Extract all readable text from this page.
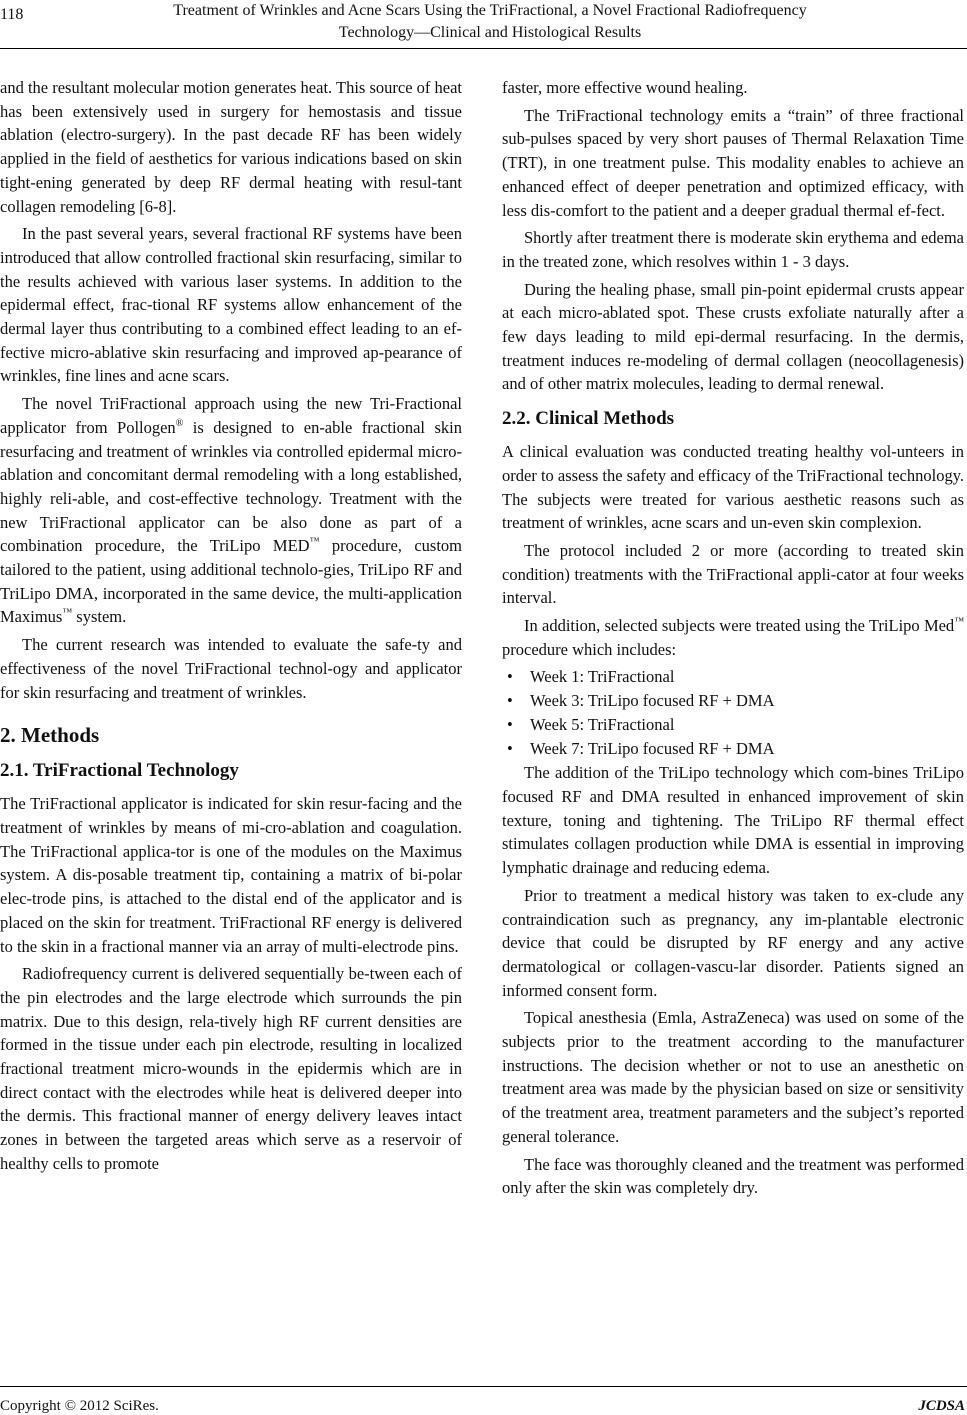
118	Treatment of Wrinkles and Acne Scars Using the TriFractional, a Novel Fractional Radiofrequency
Technology—Clinical and Histological Results

and the resultant molecular motion generates heat. This source of heat has been extensively used in surgery for hemostasis and tissue ablation (electro-surgery). In the past decade RF has been widely applied in the field of aesthetics for various indications based on skin tight-ening generated by deep RF dermal heating with resul-tant collagen remodeling [6-8].

In the past several years, several fractional RF systems have been introduced that allow controlled fractional skin resurfacing, similar to the results achieved with various laser systems. In addition to the epidermal effect, frac-tional RF systems allow enhancement of the dermal layer thus contributing to a combined effect leading to an ef-fective micro-ablative skin resurfacing and improved ap-pearance of wrinkles, fine lines and acne scars.

The novel TriFractional approach using the new Tri-Fractional applicator from Pollogen® is designed to en-able fractional skin resurfacing and treatment of wrinkles via controlled epidermal micro-ablation and concomitant dermal remodeling with a long established, highly reli-able, and cost-effective technology. Treatment with the new TriFractional applicator can be also done as part of a combination procedure, the TriLipo MED™ procedure, custom tailored to the patient, using additional technolo-gies, TriLipo RF and TriLipo DMA, incorporated in the same device, the multi-application Maximus™ system.

The current research was intended to evaluate the safe-ty and effectiveness of the novel TriFractional technol-ogy and applicator for skin resurfacing and treatment of wrinkles.

2. Methods
2.1. TriFractional Technology

The TriFractional applicator is indicated for skin resur-facing and the treatment of wrinkles by means of mi-cro-ablation and coagulation. The TriFractional applica-tor is one of the modules on the Maximus system. A dis-posable treatment tip, containing a matrix of bi-polar elec-trode pins, is attached to the distal end of the applicator and is placed on the skin for treatment. TriFractional RF energy is delivered to the skin in a fractional manner via an array of multi-electrode pins.

Radiofrequency current is delivered sequentially be-tween each of the pin electrodes and the large electrode which surrounds the pin matrix. Due to this design, rela-tively high RF current densities are formed in the tissue under each pin electrode, resulting in localized fractional treatment micro-wounds in the epidermis which are in direct contact with the electrodes while heat is delivered deeper into the dermis. This fractional manner of energy delivery leaves intact zones in between the targeted areas which serve as a reservoir of healthy cells to promote

faster, more effective wound healing.

The TriFractional technology emits a “train” of three fractional sub-pulses spaced by very short pauses of Thermal Relaxation Time (TRT), in one treatment pulse. This modality enables to achieve an enhanced effect of deeper penetration and optimized efficacy, with less dis-comfort to the patient and a deeper gradual thermal ef-fect.

Shortly after treatment there is moderate skin erythema and edema in the treated zone, which resolves within 1 - 3 days.

During the healing phase, small pin-point epidermal crusts appear at each micro-ablated spot. These crusts exfoliate naturally after a few days leading to mild epi-dermal resurfacing. In the dermis, treatment induces re-modeling of dermal collagen (neocollagenesis) and of other matrix molecules, leading to dermal renewal.

2.2. Clinical Methods

A clinical evaluation was conducted treating healthy vol-unteers in order to assess the safety and efficacy of the TriFractional technology. The subjects were treated for various aesthetic reasons such as treatment of wrinkles, acne scars and un-even skin complexion.

The protocol included 2 or more (according to treated skin condition) treatments with the TriFractional appli-cator at four weeks interval.

In addition, selected subjects were treated using the TriLipo Med™ procedure which includes:

• Week 1: TriFractional
• Week 3: TriLipo focused RF + DMA
• Week 5: TriFractional
• Week 7: TriLipo focused RF + DMA

The addition of the TriLipo technology which com-bines TriLipo focused RF and DMA resulted in enhanced improvement of skin texture, toning and tightening. The TriLipo RF thermal effect stimulates collagen production while DMA is essential in improving lymphatic drainage and reducing edema.

Prior to treatment a medical history was taken to ex-clude any contraindication such as pregnancy, any im-plantable electronic device that could be disrupted by RF energy and any active dermatological or collagen-vascu-lar disorder. Patients signed an informed consent form.

Topical anesthesia (Emla, AstraZeneca) was used on some of the subjects prior to the treatment according to the manufacturer instructions. The decision whether or not to use an anesthetic on treatment area was made by the physician based on size or sensitivity of the treatment area, treatment parameters and the subject’s reported general tolerance.

The face was thoroughly cleaned and the treatment was performed only after the skin was completely dry.

Copyright © 2012 SciRes.	JCDSA
